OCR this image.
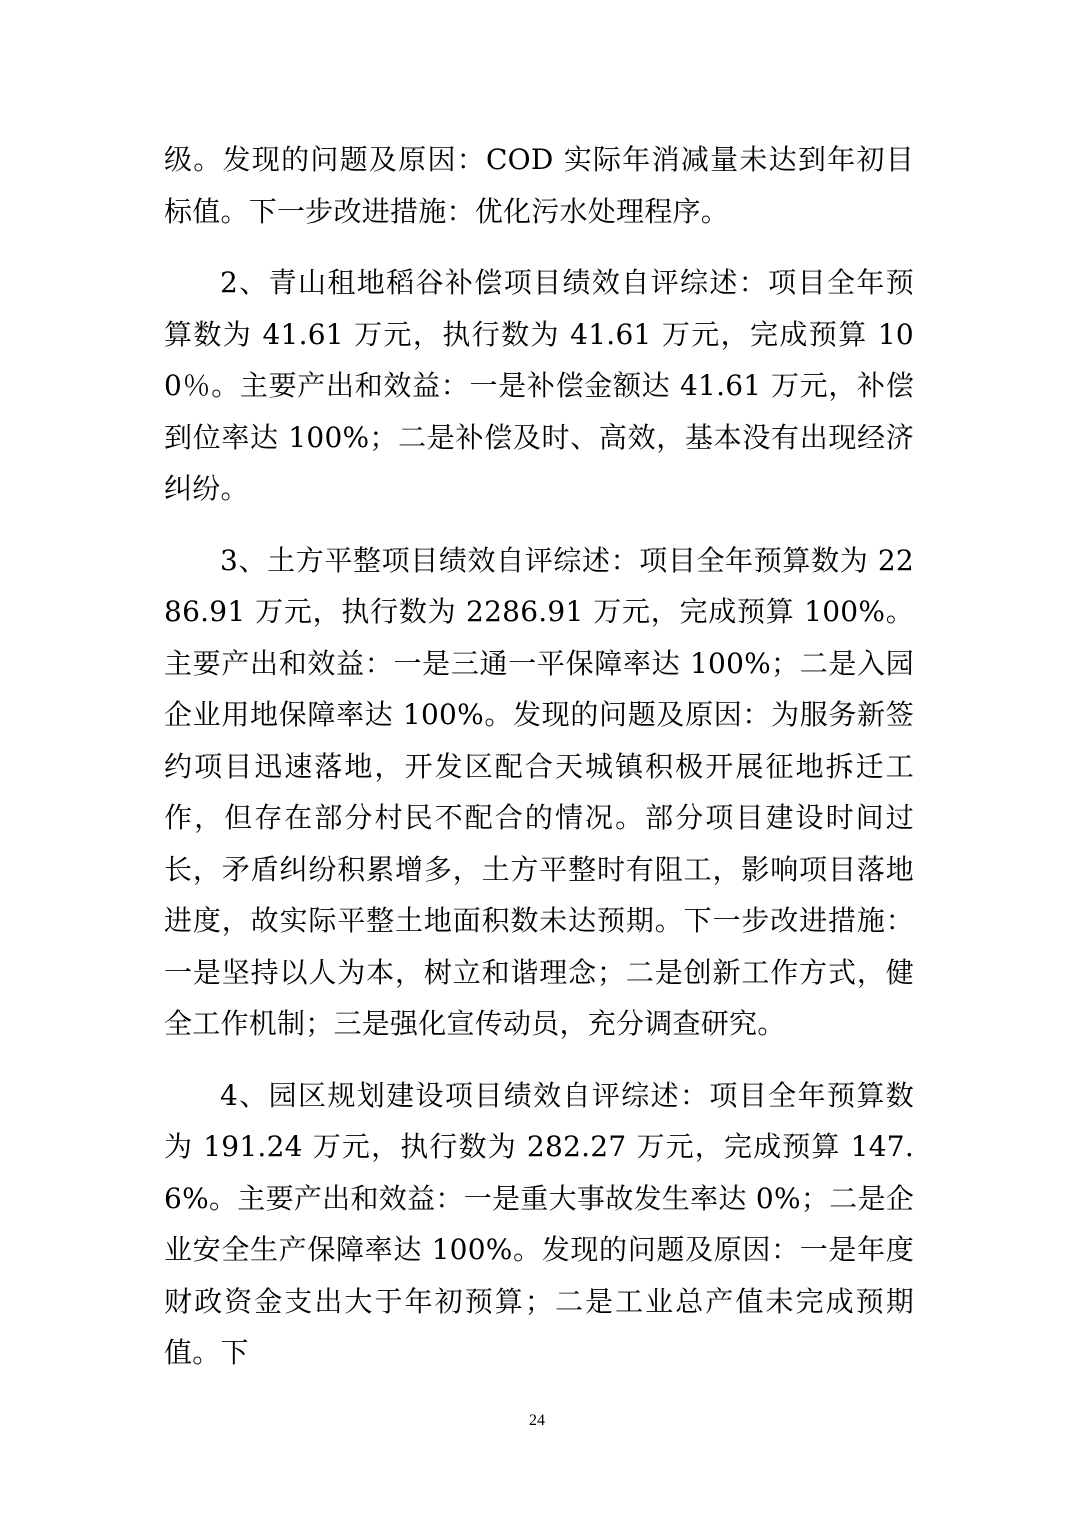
级。发现的问题及原因：COD 实际年消减量未达到年初目标值。下一步改进措施：优化污水处理程序。

2、青山租地稻谷补偿项目绩效自评综述：项目全年预算数为 41.61 万元，执行数为 41.61 万元，完成预算 100％。主要产出和效益：一是补偿金额达 41.61 万元，补偿到位率达 100%；二是补偿及时、高效，基本没有出现经济纠纷。

3、土方平整项目绩效自评综述：项目全年预算数为 2286.91 万元，执行数为 2286.91 万元，完成预算 100%。主要产出和效益：一是三通一平保障率达 100%；二是入园企业用地保障率达 100%。发现的问题及原因：为服务新签约项目迅速落地，开发区配合天城镇积极开展征地拆迁工作，但存在部分村民不配合的情况。部分项目建设时间过长，矛盾纠纷积累增多，土方平整时有阻工，影响项目落地进度，故实际平整土地面积数未达预期。下一步改进措施：一是坚持以人为本，树立和谐理念；二是创新工作方式，健全工作机制；三是强化宣传动员，充分调查研究。

4、园区规划建设项目绩效自评综述：项目全年预算数为 191.24 万元，执行数为 282.27 万元，完成预算 147.6%。主要产出和效益：一是重大事故发生率达 0%；二是企业安全生产保障率达 100%。发现的问题及原因：一是年度财政资金支出大于年初预算；二是工业总产值未完成预期值。下

24
